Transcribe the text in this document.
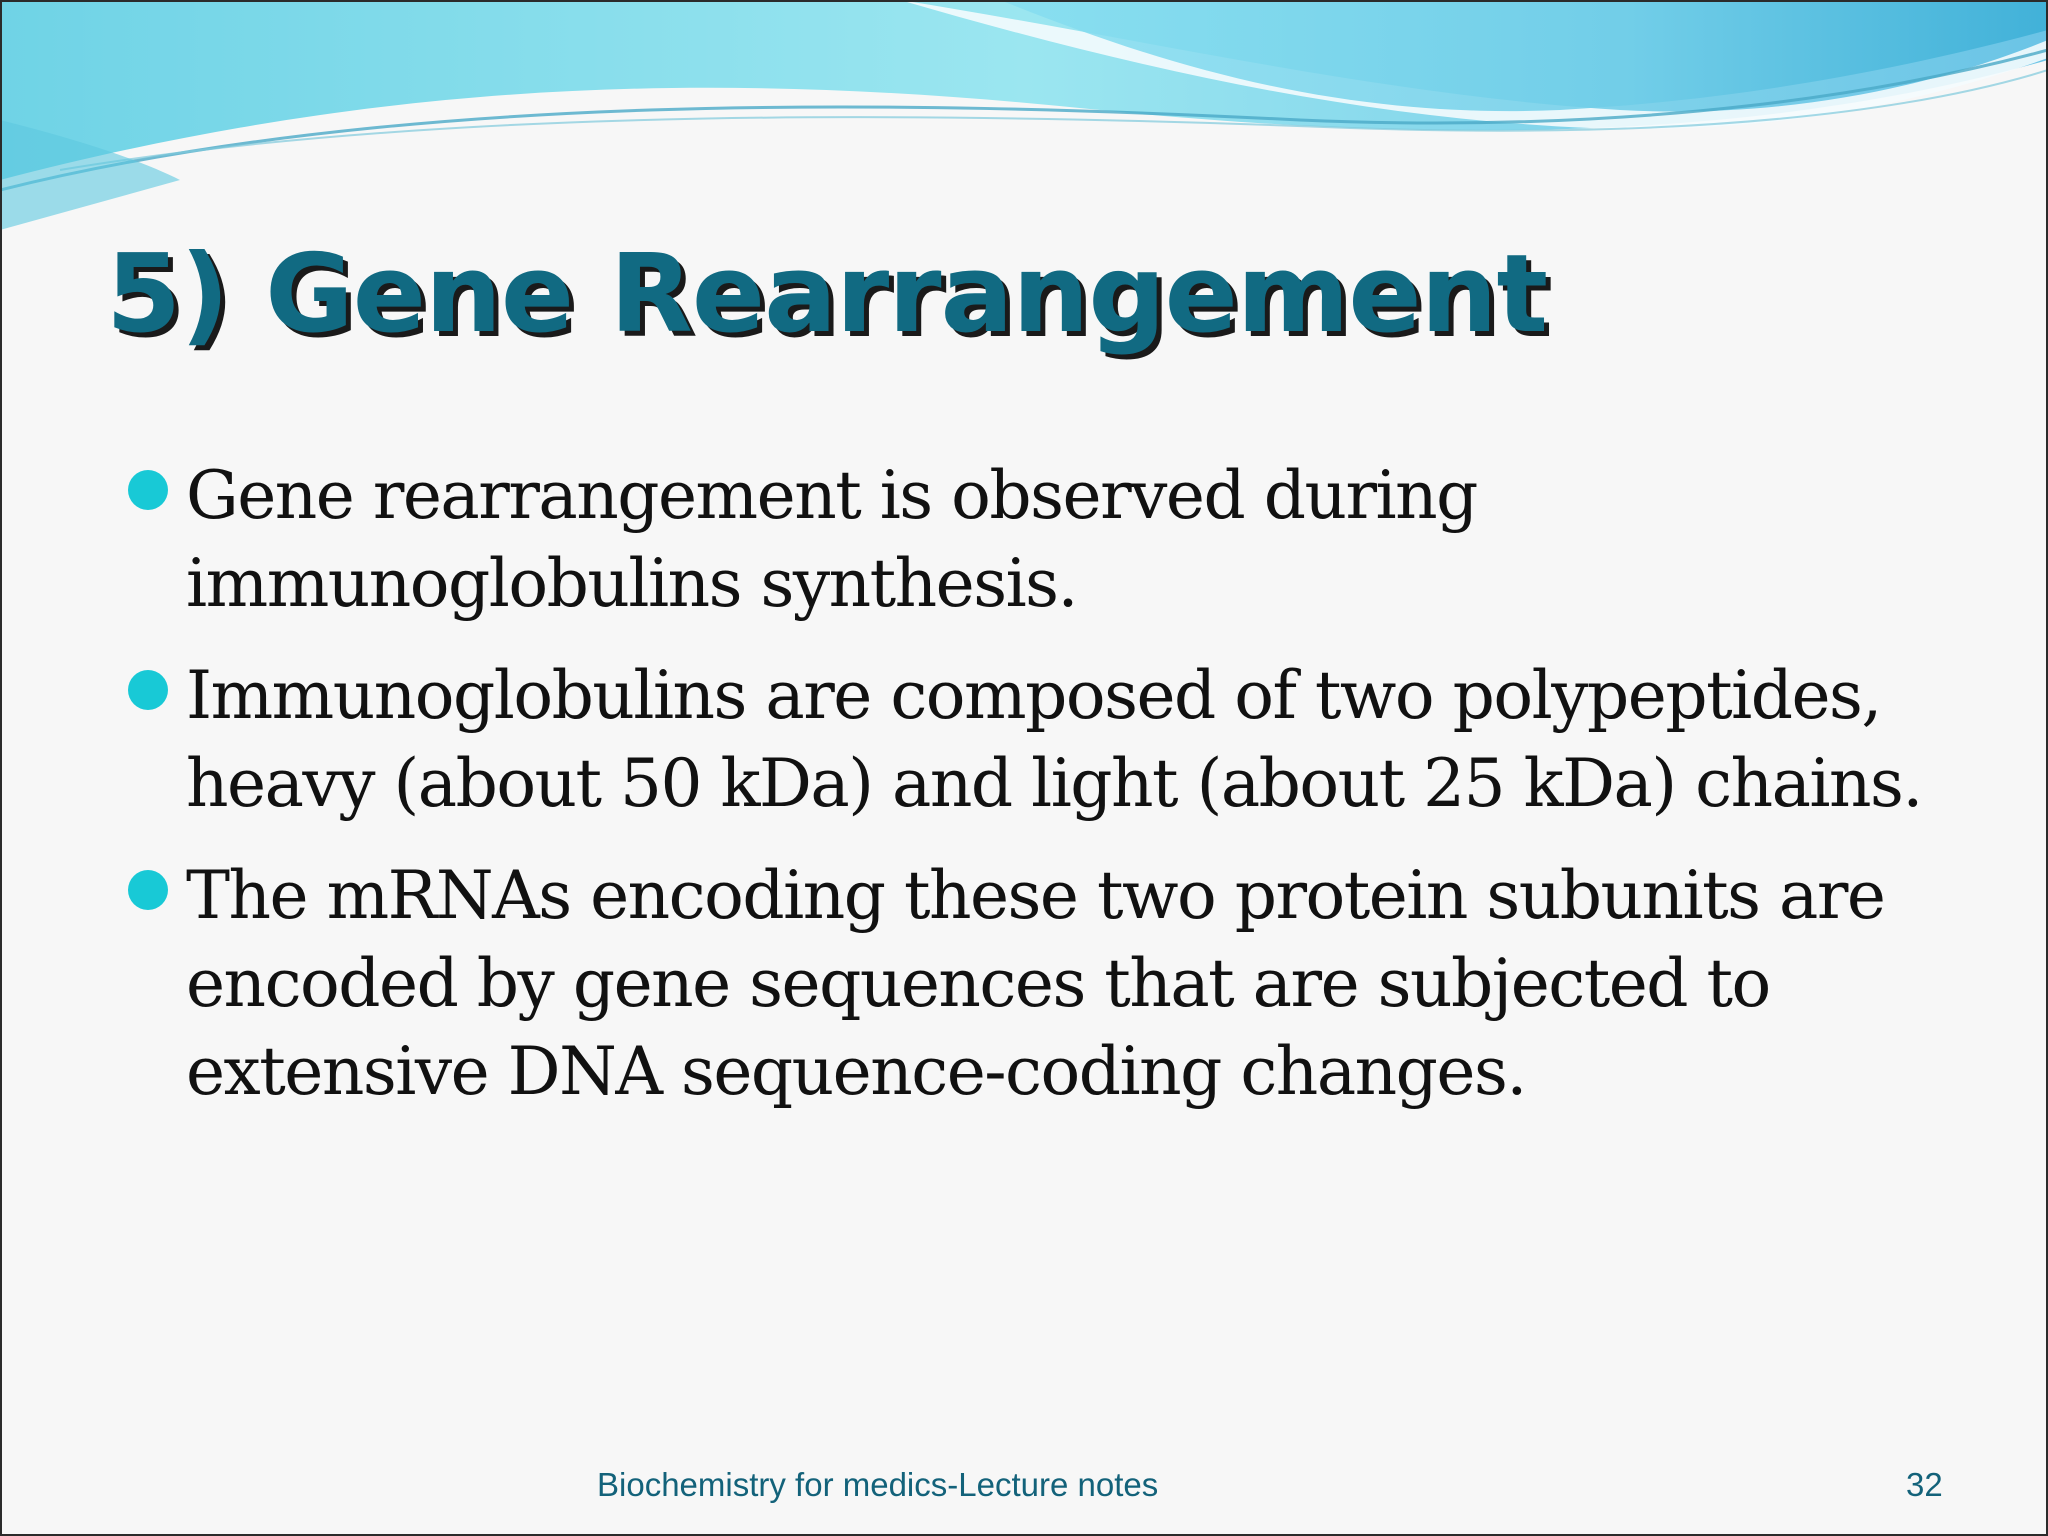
5) Gene Rearrangement
Gene rearrangement is observed during immunoglobulins synthesis.
Immunoglobulins are composed of two polypeptides, heavy (about 50 kDa) and light (about 25 kDa) chains.
The mRNAs encoding these two protein subunits are encoded by gene sequences that are subjected to extensive DNA sequence-coding changes.
Biochemistry for medics-Lecture notes	32
